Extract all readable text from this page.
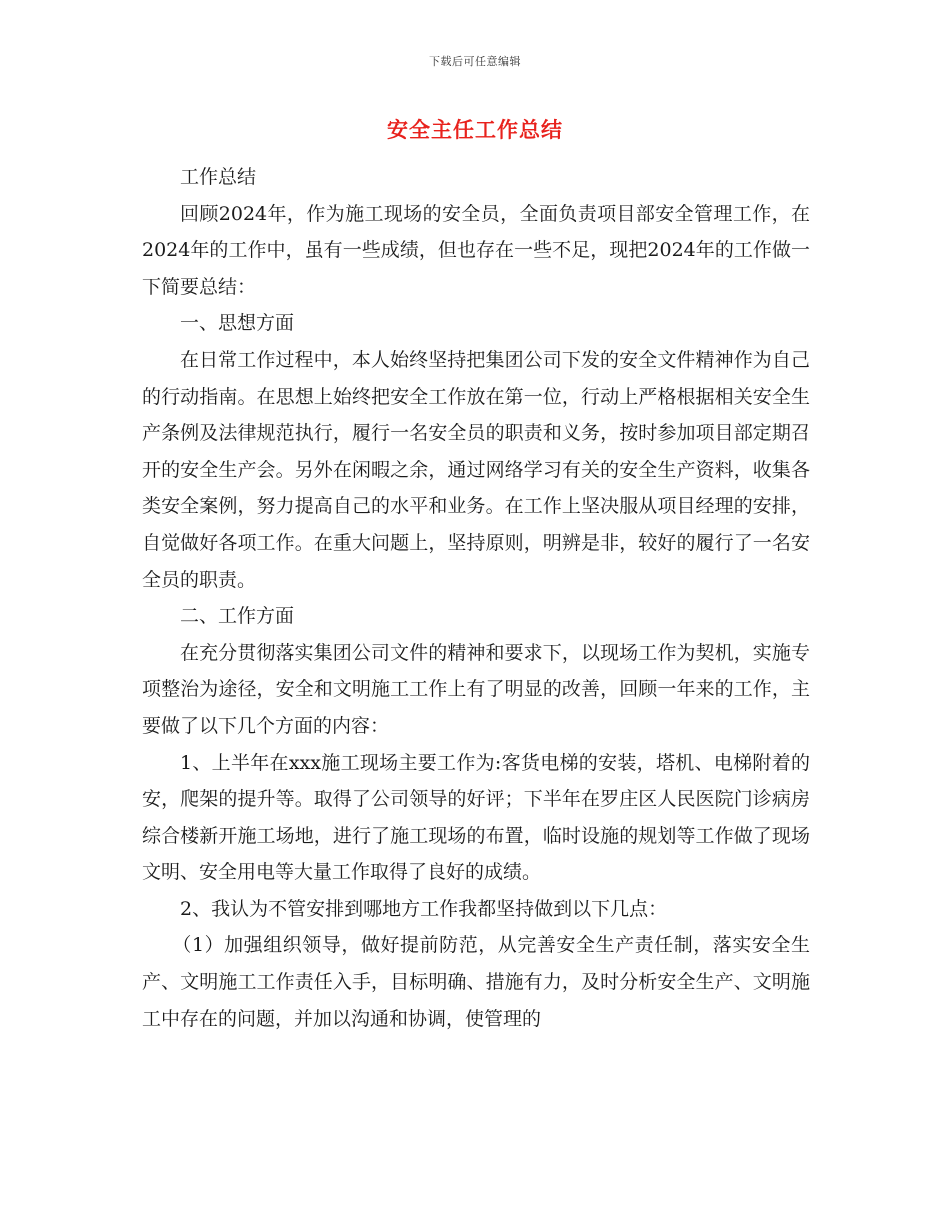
下载后可任意编辑
安全主任工作总结

工作总结

回顾2024年，作为施工现场的安全员，全面负责项目部安全管理工作，在2024年的工作中，虽有一些成绩，但也存在一些不足，现把2024年的工作做一下简要总结：

一、思想方面

在日常工作过程中，本人始终坚持把集团公司下发的安全文件精神作为自己的行动指南。在思想上始终把安全工作放在第一位，行动上严格根据相关安全生产条例及法律规范执行，履行一名安全员的职责和义务，按时参加项目部定期召开的安全生产会。另外在闲暇之余，通过网络学习有关的安全生产资料，收集各类安全案例，努力提高自己的水平和业务。在工作上坚决服从项目经理的安排，自觉做好各项工作。在重大问题上，坚持原则，明辨是非，较好的履行了一名安全员的职责。

二、工作方面

在充分贯彻落实集团公司文件的精神和要求下，以现场工作为契机，实施专项整治为途径，安全和文明施工工作上有了明显的改善，回顾一年来的工作，主要做了以下几个方面的内容：

1、上半年在xxx施工现场主要工作为:客货电梯的安装，塔机、电梯附着的安，爬架的提升等。取得了公司领导的好评；下半年在罗庄区人民医院门诊病房综合楼新开施工场地，进行了施工现场的布置，临时设施的规划等工作做了现场文明、安全用电等大量工作取得了良好的成绩。

2、我认为不管安排到哪地方工作我都坚持做到以下几点：

（1）加强组织领导，做好提前防范，从完善安全生产责任制，落实安全生产、文明施工工作责任入手，目标明确、措施有力，及时分析安全生产、文明施工中存在的问题，并加以沟通和协调，使管理的
